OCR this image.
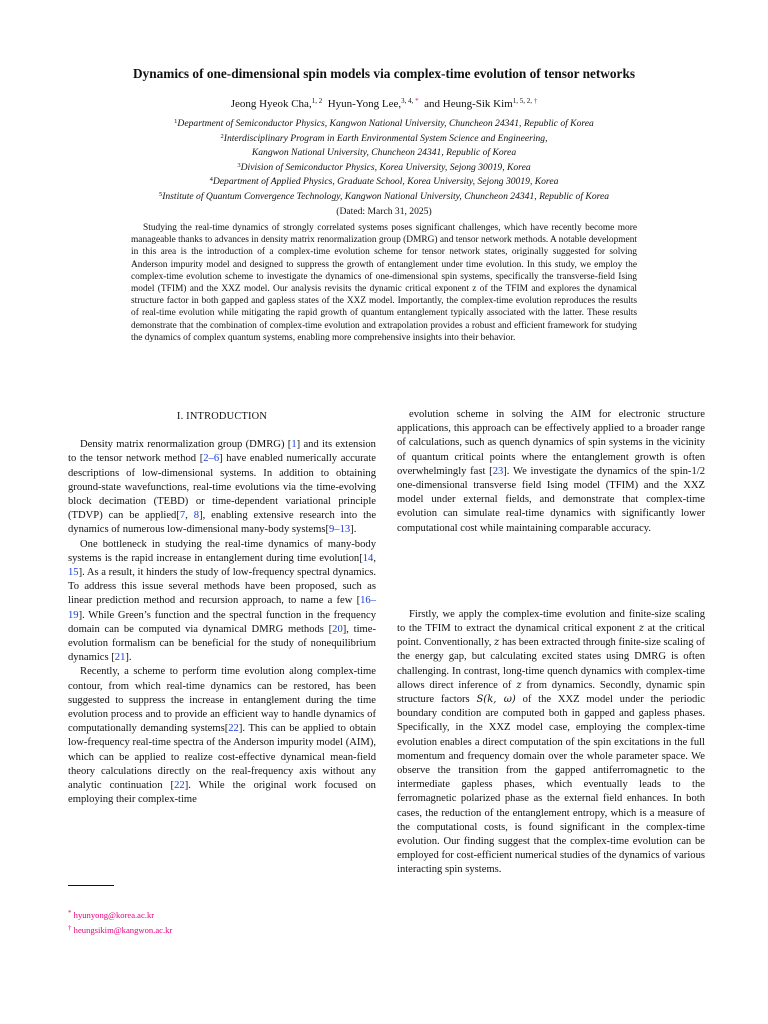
Dynamics of one-dimensional spin models via complex-time evolution of tensor networks
Jeong Hyeok Cha,$^{1, 2}$ Hyun-Yong Lee,$^{3, 4, *}$ and Heung-Sik Kim$^{1, 5, 2, \dagger}$
$^1$Department of Semiconductor Physics, Kangwon National University, Chuncheon 24341, Republic of Korea
$^2$Interdisciplinary Program in Earth Environmental System Science and Engineering,
Kangwon National University, Chuncheon 24341, Republic of Korea
$^3$Division of Semiconductor Physics, Korea University, Sejong 30019, Korea
$^4$Department of Applied Physics, Graduate School, Korea University, Sejong 30019, Korea
$^5$Institute of Quantum Convergence Technology, Kangwon National University, Chuncheon 24341, Republic of Korea
(Dated: March 31, 2025)
Studying the real-time dynamics of strongly correlated systems poses significant challenges, which have recently become more manageable thanks to advances in density matrix renormalization group (DMRG) and tensor network methods. A notable development in this area is the introduction of a complex-time evolution scheme for tensor network states, originally suggested for solving Anderson impurity model and designed to suppress the growth of entanglement under time evolution. In this study, we employ the complex-time evolution scheme to investigate the dynamics of one-dimensional spin systems, specifically the transverse-field Ising model (TFIM) and the XXZ model. Our analysis revisits the dynamic critical exponent z of the TFIM and explores the dynamical structure factor in both gapped and gapless states of the XXZ model. Importantly, the complex-time evolution reproduces the results of real-time evolution while mitigating the rapid growth of quantum entanglement typically associated with the latter. These results demonstrate that the combination of complex-time evolution and extrapolation provides a robust and efficient framework for studying the dynamics of complex quantum systems, enabling more comprehensive insights into their behavior.
I. INTRODUCTION

Density matrix renormalization group (DMRG) [1] and its extension to the tensor network method [2–6] have enabled numerically accurate descriptions of low-dimensional systems. In addition to obtaining ground-state wavefunctions, real-time evolutions via the time-evolving block decimation (TEBD) or time-dependent variational principle (TDVP) can be applied[7, 8], enabling extensive research into the dynamics of numerous low-dimensional many-body systems[9–13].

One bottleneck in studying the real-time dynamics of many-body systems is the rapid increase in entanglement during time evolution[14, 15]. As a result, it hinders the study of low-frequency spectral dynamics. To address this issue several methods have been proposed, such as linear prediction method and recursion approach, to name a few [16–19]. While Green’s function and the spectral function in the frequency domain can be computed via dynamical DMRG methods [20], time-evolution formalism can be beneficial for the study of nonequilibrium dynamics [21].

Recently, a scheme to perform time evolution along complex-time contour, from which real-time dynamics can be restored, has been suggested to suppress the increase in entanglement during the time evolution process and to provide an efficient way to handle dynamics of computationally demanding systems[22]. This can be applied to obtain low-frequency real-time spectra of the Anderson impurity model (AIM), which can be applied to realize cost-effective dynamical mean-field theory calculations directly on the real-frequency axis without any analytic continuation [22]. While the original work focused on employing their complex-time

evolution scheme in solving the AIM for electronic structure applications, this approach can be effectively applied to a broader range of calculations, such as quench dynamics of spin systems in the vicinity of quantum critical points where the entanglement growth is often overwhelmingly fast [23]. We investigate the dynamics of the spin-1/2 one-dimensional transverse field Ising model (TFIM) and the XXZ model under external fields, and demonstrate that complex-time evolution can simulate real-time dynamics with significantly lower computational cost while maintaining comparable accuracy.

Firstly, we apply the complex-time evolution and finite-size scaling to the TFIM to extract the dynamical critical exponent z at the critical point. Conventionally, z has been extracted through finite-size scaling of the energy gap, but calculating excited states using DMRG is often challenging. In contrast, long-time quench dynamics with complex-time allows direct inference of z from dynamics. Secondly, dynamic spin structure factors S(k, ω) of the XXZ model under the periodic boundary condition are computed both in gapped and gapless phases. Specifically, in the XXZ model case, employing the complex-time evolution enables a direct computation of the spin excitations in the full momentum and frequency domain over the whole parameter space. We observe the transition from the gapped antiferromagnetic to the intermediate gapless phases, which eventually leads to the ferromagnetic polarized phase as the external field enhances. In both cases, the reduction of the entanglement entropy, which is a measure of the computational costs, is found significant in the complex-time evolution. Our finding suggest that the complex-time evolution can be employed for cost-efficient numerical studies of the dynamics of various interacting spin systems.

* hyunyong@korea.ac.kr
† heungsikim@kangwon.ac.kr
